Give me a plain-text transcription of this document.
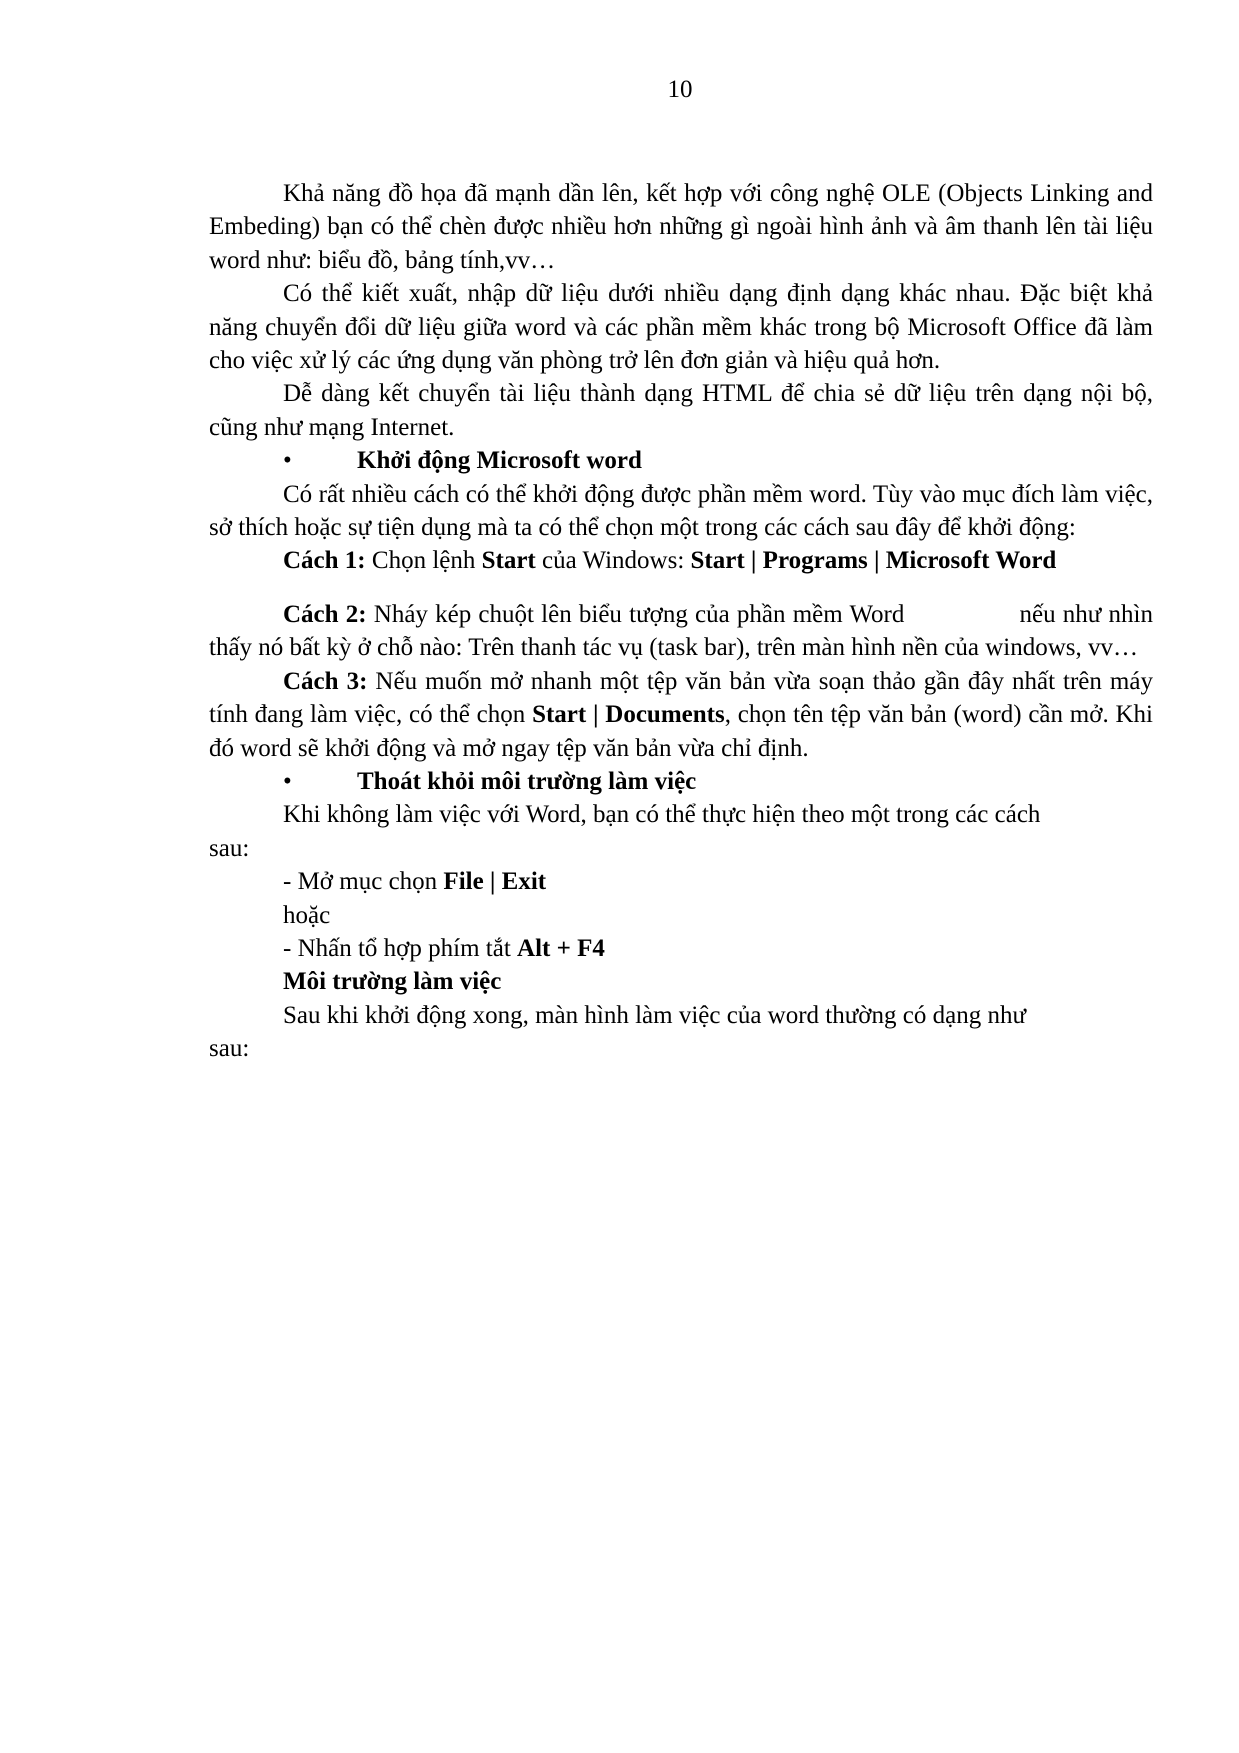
10

Khả năng đồ họa đã mạnh dần lên, kết hợp với công nghệ OLE (Objects Linking and Embeding) bạn có thể chèn được nhiều hơn những gì ngoài hình ảnh và âm thanh lên tài liệu word như: biểu đồ, bảng tính,vv…

Có thể kiết xuất, nhập dữ liệu dưới nhiều dạng định dạng khác nhau. Đặc biệt khả năng chuyển đổi dữ liệu giữa word và các phần mềm khác trong bộ Microsoft Office đã làm cho việc xử lý các ứng dụng văn phòng trở lên đơn giản và hiệu quả hơn.

Dễ dàng kết chuyển tài liệu thành dạng HTML để chia sẻ dữ liệu trên dạng nội bộ, cũng như mạng Internet.

•
Khởi động Microsoft word

Có rất nhiều cách có thể khởi động được phần mềm word. Tùy vào mục đích làm việc, sở thích hoặc sự tiện dụng mà ta có thể chọn một trong các cách sau đây để khởi động:

Cách 1: Chọn lệnh Start của Windows: Start | Programs | Microsoft Word

Cách 2: Nháy kép chuột lên biểu tượng của phần mềm Word                nếu như nhìn thấy nó bất kỳ ở chỗ nào: Trên thanh tác vụ (task bar), trên màn hình nền của windows, vv…

Cách 3: Nếu muốn mở nhanh một tệp văn bản vừa soạn thảo gần đây nhất trên máy tính đang làm việc, có thể chọn Start | Documents, chọn tên tệp văn bản (word) cần mở. Khi đó word sẽ khởi động và mở ngay tệp văn bản vừa chỉ định.

•
Thoát khỏi môi trường làm việc

Khi không làm việc với Word, bạn có thể thực hiện theo một trong các cách

sau:

- Mở mục chọn File | Exit

hoặc

- Nhấn tổ hợp phím tắt Alt + F4

Môi trường làm việc

Sau khi khởi động xong, màn hình làm việc của word thường có dạng như

sau:
